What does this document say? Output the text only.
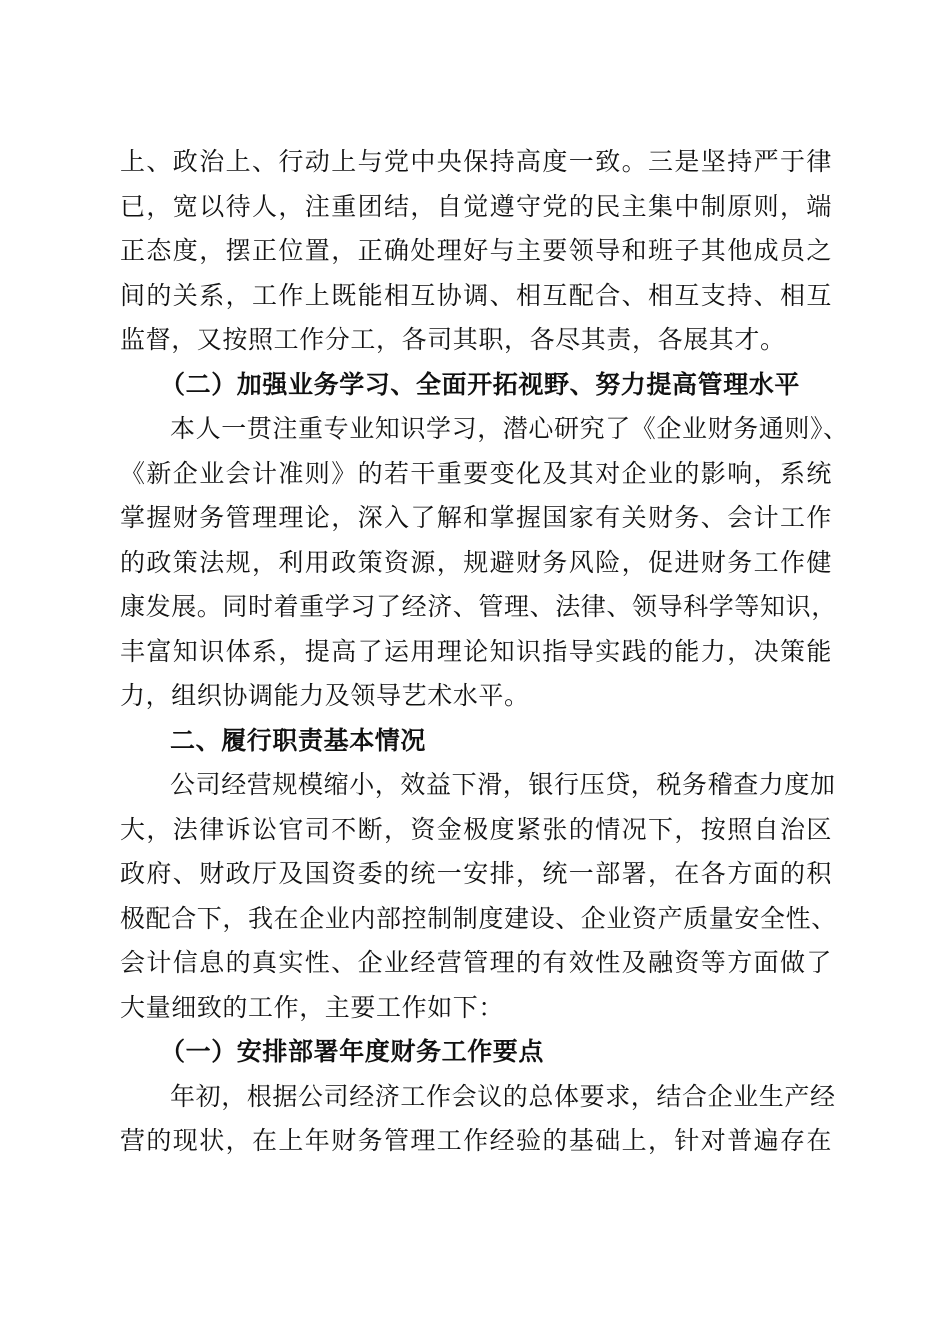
上、政治上、行动上与党中央保持高度一致。三是坚持严于律
已，宽以待人，注重团结，自觉遵守党的民主集中制原则，端
正态度，摆正位置，正确处理好与主要领导和班子其他成员之
间的关系，工作上既能相互协调、相互配合、相互支持、相互
监督，又按照工作分工，各司其职，各尽其责，各展其才。
（二）加强业务学习、全面开拓视野、努力提高管理水平
本人一贯注重专业知识学习，潜心研究了《企业财务通则》、
《新企业会计准则》的若干重要变化及其对企业的影响，系统
掌握财务管理理论，深入了解和掌握国家有关财务、会计工作
的政策法规，利用政策资源，规避财务风险，促进财务工作健
康发展。同时着重学习了经济、管理、法律、领导科学等知识，
丰富知识体系，提高了运用理论知识指导实践的能力，决策能
力，组织协调能力及领导艺术水平。
二、履行职责基本情况
公司经营规模缩小，效益下滑，银行压贷，税务稽查力度加
大，法律诉讼官司不断，资金极度紧张的情况下，按照自治区
政府、财政厅及国资委的统一安排，统一部署，在各方面的积
极配合下，我在企业内部控制制度建设、企业资产质量安全性、
会计信息的真实性、企业经营管理的有效性及融资等方面做了
大量细致的工作，主要工作如下：
（一）安排部署年度财务工作要点
年初，根据公司经济工作会议的总体要求，结合企业生产经
营的现状，在上年财务管理工作经验的基础上，针对普遍存在
